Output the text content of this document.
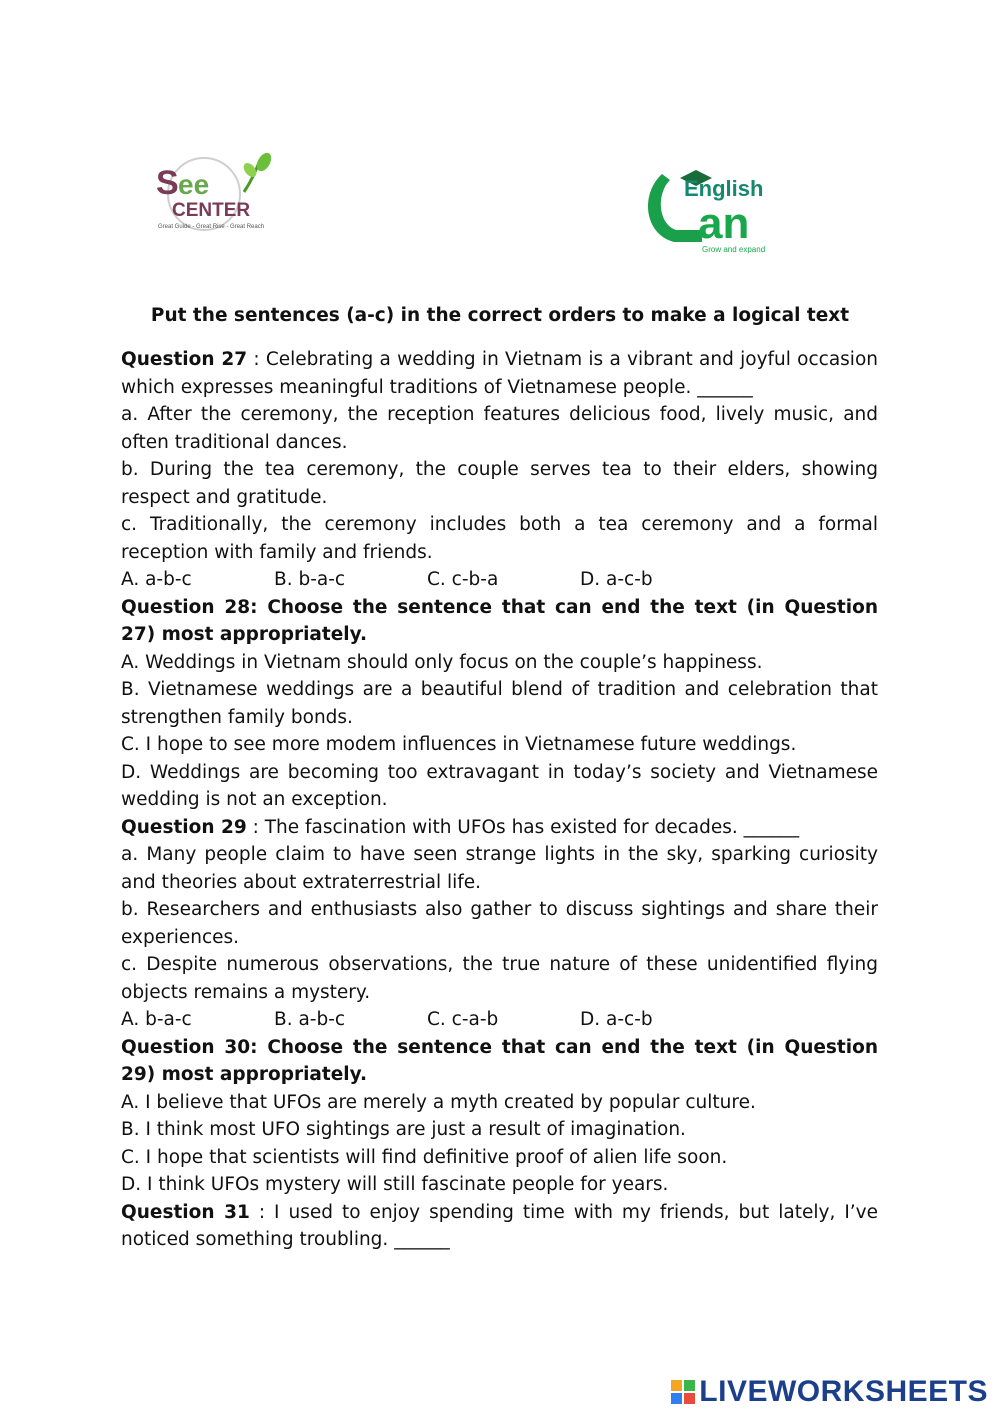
S ee
CENTER
Great Guide - Great Rise - Great Reach
English
an
Grow and expand
Put the sentences (a-c) in the correct orders to make a logical text

Question 27 : Celebrating a wedding in Vietnam is a vibrant and joyful occasion which expresses meaningful traditions of Vietnamese people. ______

a. After the ceremony, the reception features delicious food, lively music, and often traditional dances.

b. During the tea ceremony, the couple serves tea to their elders, showing respect and gratitude.

c. Traditionally, the ceremony includes both a tea ceremony and a formal reception with family and friends.

A. a-b-c	B. b-a-c	C. c-b-a	D. a-c-b

Question 28: Choose the sentence that can end the text (in Question 27) most appropriately.

A. Weddings in Vietnam should only focus on the couple’s happiness.

B. Vietnamese weddings are a beautiful blend of tradition and celebration that strengthen family bonds.

C. I hope to see more modem influences in Vietnamese future weddings.

D. Weddings are becoming too extravagant in today’s society and Vietnamese wedding is not an exception.

Question 29 : The fascination with UFOs has existed for decades. ______

a. Many people claim to have seen strange lights in the sky, sparking curiosity and theories about extraterrestrial life.

b. Researchers and enthusiasts also gather to discuss sightings and share their experiences.

c. Despite numerous observations, the true nature of these unidentified flying objects remains a mystery.

A. b-a-c	B. a-b-c	C. c-a-b	D. a-c-b

Question 30: Choose the sentence that can end the text (in Question 29) most appropriately.

A. I believe that UFOs are merely a myth created by popular culture.

B. I think most UFO sightings are just a result of imagination.

C. I hope that scientists will find definitive proof of alien life soon.

D. I think UFOs mystery will still fascinate people for years.

Question 31 : I used to enjoy spending time with my friends, but lately, I’ve noticed something troubling. ______

LIVEWORKSHEETS
